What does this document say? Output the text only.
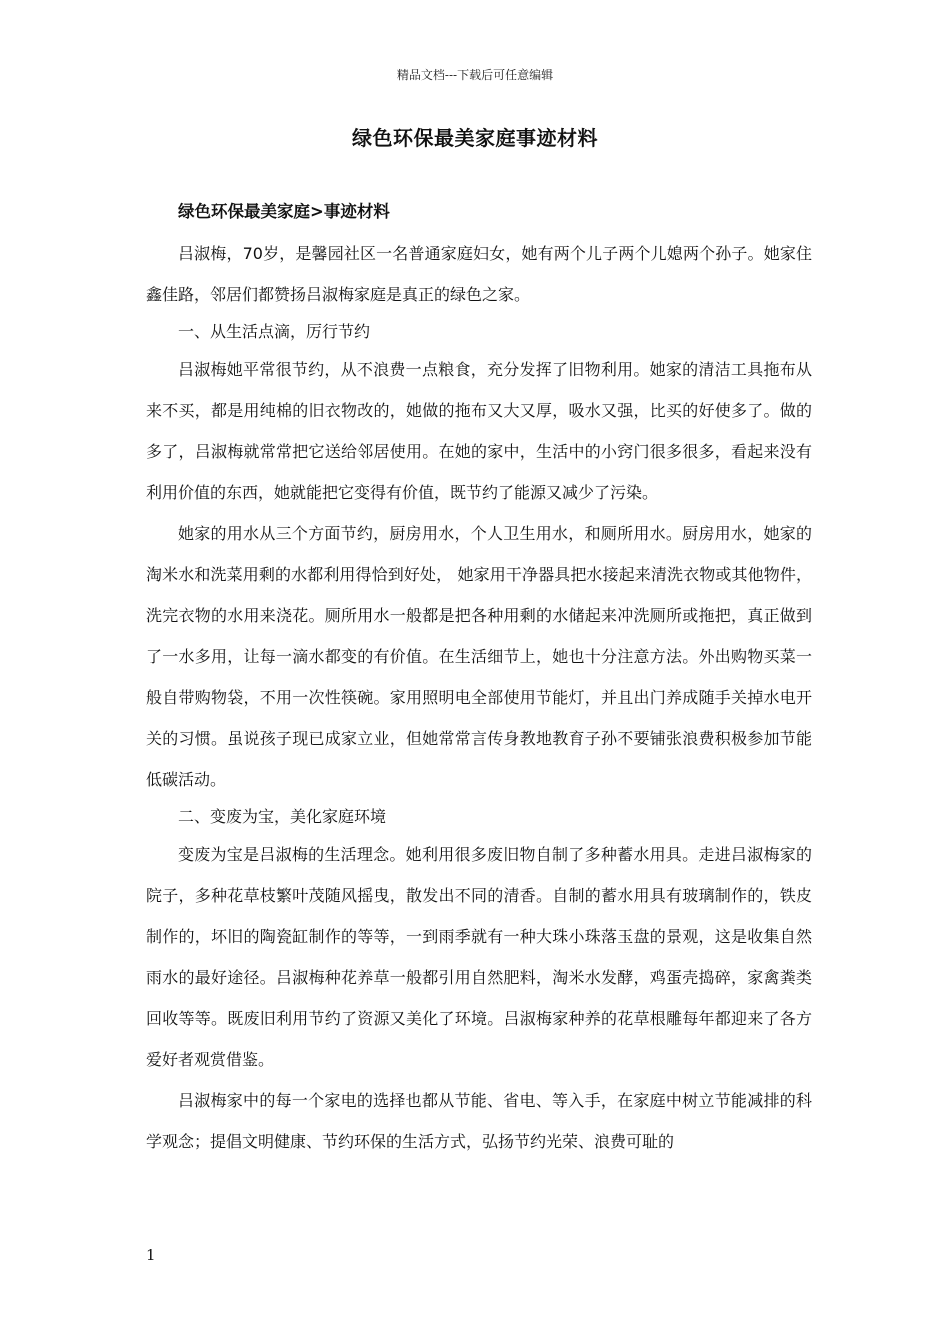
精品文档---下载后可任意编辑
绿色环保最美家庭事迹材料

绿色环保最美家庭>事迹材料

吕淑梅，70岁，是馨园社区一名普通家庭妇女，她有两个儿子两个儿媳两个孙子。她家住鑫佳路，邻居们都赞扬吕淑梅家庭是真正的绿色之家。

一、从生活点滴，厉行节约

吕淑梅她平常很节约，从不浪费一点粮食，充分发挥了旧物利用。她家的清洁工具拖布从来不买，都是用纯棉的旧衣物改的，她做的拖布又大又厚，吸水又强，比买的好使多了。做的多了，吕淑梅就常常把它送给邻居使用。在她的家中，生活中的小窍门很多很多，看起来没有利用价值的东西，她就能把它变得有价值，既节约了能源又减少了污染。

她家的用水从三个方面节约，厨房用水，个人卫生用水，和厕所用水。厨房用水，她家的淘米水和洗菜用剩的水都利用得恰到好处， 她家用干净器具把水接起来清洗衣物或其他物件，洗完衣物的水用来浇花。厕所用水一般都是把各种用剩的水储起来冲洗厕所或拖把，真正做到了一水多用，让每一滴水都变的有价值。在生活细节上，她也十分注意方法。外出购物买菜一般自带购物袋，不用一次性筷碗。家用照明电全部使用节能灯，并且出门养成随手关掉水电开关的习惯。虽说孩子现已成家立业，但她常常言传身教地教育子孙不要铺张浪费积极参加节能低碳活动。

二、变废为宝，美化家庭环境

变废为宝是吕淑梅的生活理念。她利用很多废旧物自制了多种蓄水用具。走进吕淑梅家的院子，多种花草枝繁叶茂随风摇曳，散发出不同的清香。自制的蓄水用具有玻璃制作的，铁皮制作的，坏旧的陶瓷缸制作的等等，一到雨季就有一种大珠小珠落玉盘的景观，这是收集自然雨水的最好途径。吕淑梅种花养草一般都引用自然肥料，淘米水发酵，鸡蛋壳捣碎，家禽粪类回收等等。既废旧利用节约了资源又美化了环境。吕淑梅家种养的花草根雕每年都迎来了各方爱好者观赏借鉴。

吕淑梅家中的每一个家电的选择也都从节能、省电、等入手，在家庭中树立节能减排的科学观念；提倡文明健康、节约环保的生活方式，弘扬节约光荣、浪费可耻的

1
